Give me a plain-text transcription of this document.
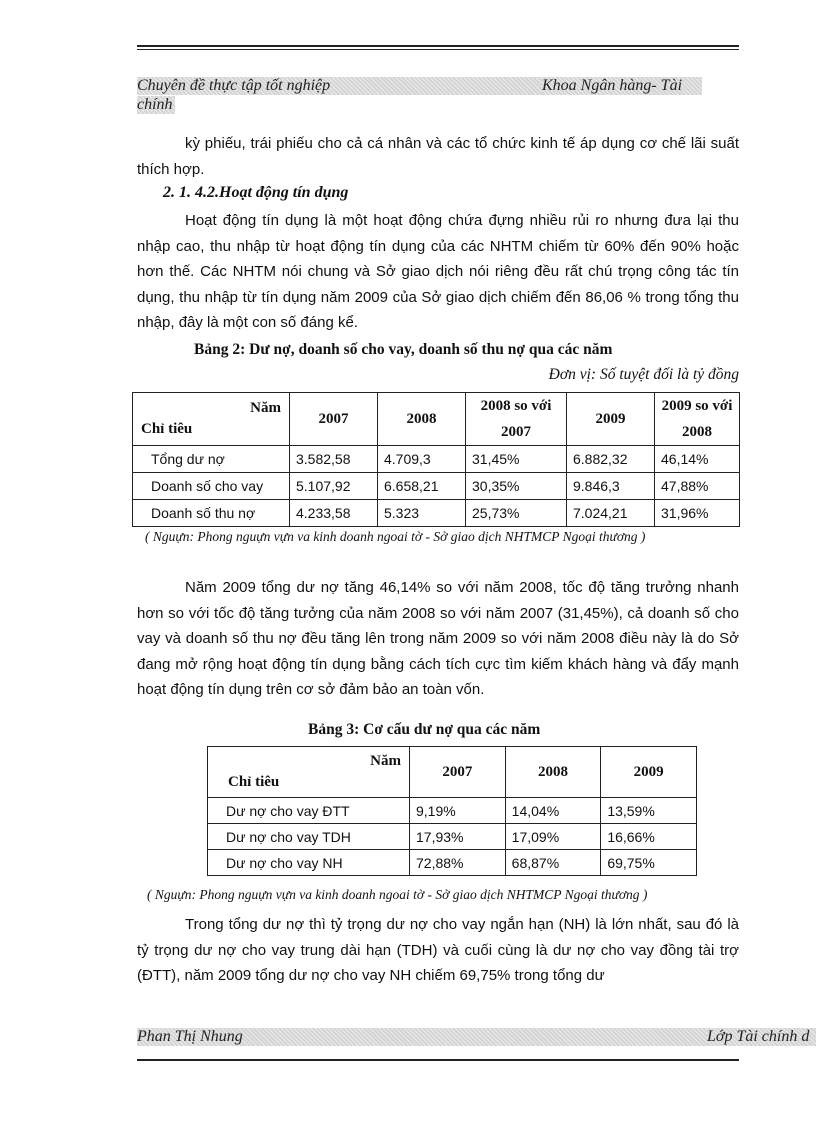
Chuyên đề thực tập tốt nghiệp	Khoa Ngân hàng- Tài
chính
kỳ phiếu, trái phiếu cho cả cá nhân và các tổ chức kinh tế áp dụng cơ chế lãi suất thích hợp.
2. 1. 4.2.Hoạt động tín dụng
Hoạt động tín dụng là một hoạt động chứa đựng nhiều rủi ro nhưng đưa lại thu nhập cao, thu nhập từ hoạt động tín dụng của các NHTM chiếm từ 60% đến 90% hoặc hơn thế. Các NHTM nói chung và Sở giao dịch nói riêng đều rất chú trọng công tác tín dụng, thu nhập từ tín dụng năm 2009 của Sở giao dịch chiếm đến 86,06 % trong tổng thu nhập, đây là một con số đáng kể.
Bảng 2: Dư nợ, doanh số cho vay, doanh số thu nợ qua các năm
Đơn vị: Số tuyệt đối là tỷ đồng
Năm
Chỉ tiêu	2007	2008	2008 so với 2007	2009	2009 so với 2008
Tổng dư nợ	3.582,58	4.709,3	31,45%	6.882,32	46,14%
Doanh số cho vay	5.107,92	6.658,21	30,35%	9.846,3	47,88%
Doanh số thu nợ	4.233,58	5.323	25,73%	7.024,21	31,96%
( Nguựn: Phong nguựn vựn va kinh doanh ngoai tờ - Sở giao dịch NHTMCP Ngoại thương )
Năm 2009 tổng dư nợ tăng 46,14% so với năm 2008, tốc độ tăng trưởng nhanh hơn so với tốc độ tăng tưởng của năm 2008 so với năm 2007 (31,45%), cả doanh số cho vay và doanh số thu nợ đều tăng lên trong năm 2009 so với năm 2008 điều này là do Sở đang mở rộng hoạt động tín dụng bằng cách tích cực tìm kiếm khách hàng và đẩy mạnh hoạt động tín dụng trên cơ sở đảm bảo an toàn vốn.
Bảng 3: Cơ cấu dư nợ qua các năm
Năm
Chỉ tiêu	2007	2008	2009
Dư nợ cho vay ĐTT	9,19%	14,04%	13,59%
Dư nợ cho vay TDH	17,93%	17,09%	16,66%
Dư nợ cho vay NH	72,88%	68,87%	69,75%
( Nguựn: Phong nguựn vựn va kinh doanh ngoai tờ - Sở giao dịch NHTMCP Ngoại thương )
Trong tổng dư nợ thì tỷ trọng dư nợ cho vay ngắn hạn (NH) là lớn nhất, sau đó là tỷ trọng dư nợ cho vay trung dài hạn (TDH) và cuối cùng là dư nợ cho vay đồng tài trợ (ĐTT), năm 2009 tổng dư nợ cho vay NH chiếm 69,75% trong tổng dư
Phan Thị Nhung	Lớp Tài chính d
